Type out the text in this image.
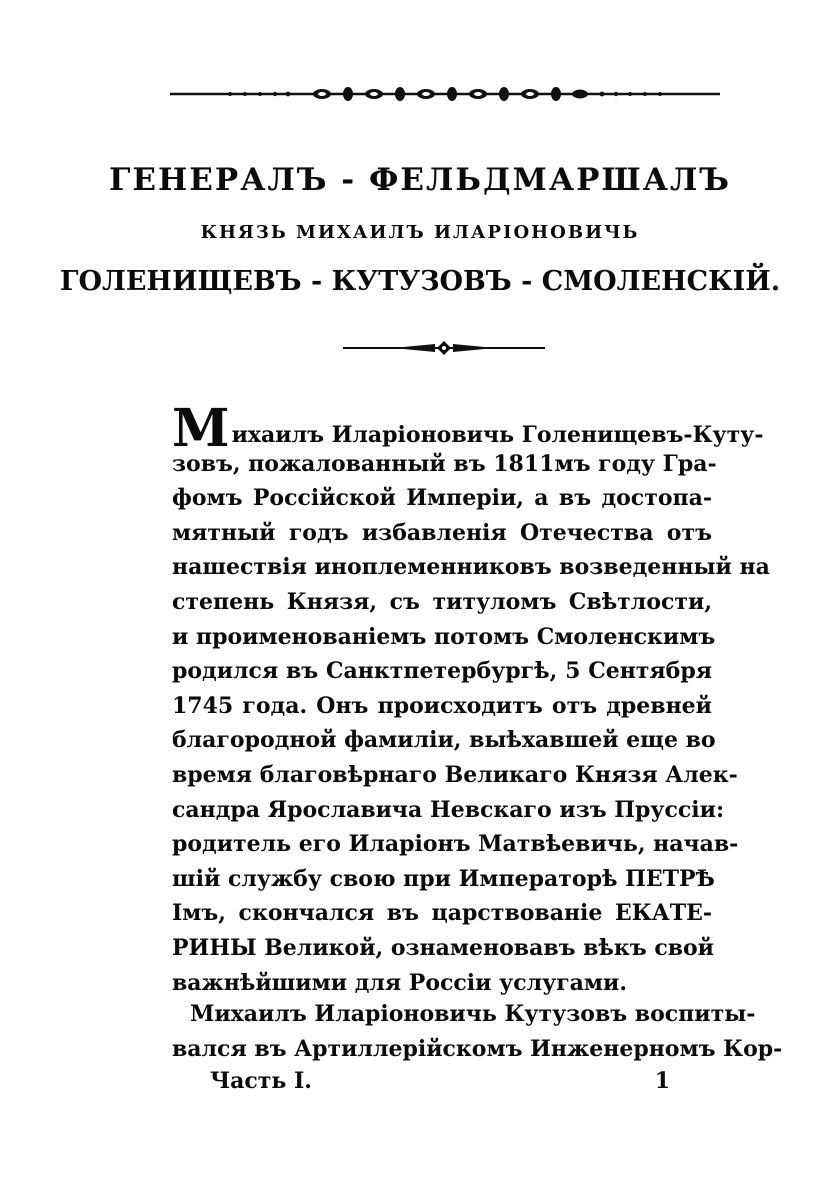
ГЕНЕРАЛЪ - ФЕЛЬДМАРШАЛЪ
КНЯЗЬ МИХАИЛЪ ИЛАРІОНОВИЧЬ
ГОЛЕНИЩЕВЪ - КУТУЗОВЪ - СМОЛЕНСКІЙ.
Михаилъ Иларіоновичь Голенищевъ-Куту-
зовъ, пожалованный въ 1811мъ году Гра-
фомъ Россійской Имперіи, а въ достопа-
мятный годъ избавленія Отечества отъ
нашествія иноплеменниковъ возведенный на
степень Князя, съ титуломъ Свѣтлости,
и проименованіемъ потомъ Смоленскимъ
родился въ Санктпетербургѣ, 5 Сентября
1745 года. Онъ происходитъ отъ древней
благородной фамиліи, выѣхавшей еще во
время благовѣрнаго Великаго Князя Алек-
сандра Ярославича Невскаго изъ Пруссіи:
родитель его Иларіонъ Матвѣевичь, начав-
шій службу свою при Императорѣ ПЕТРѢ
Iмъ, скончался въ царствованіе ЕКАТЕ-
РИНЫ Великой, ознаменовавъ вѣкъ свой
важнѣйшими для Россіи услугами.
Михаилъ Иларіоновичь Кутузовъ воспиты-
вался въ Артиллерійскомъ Инженерномъ Кор-
Часть I.	1
